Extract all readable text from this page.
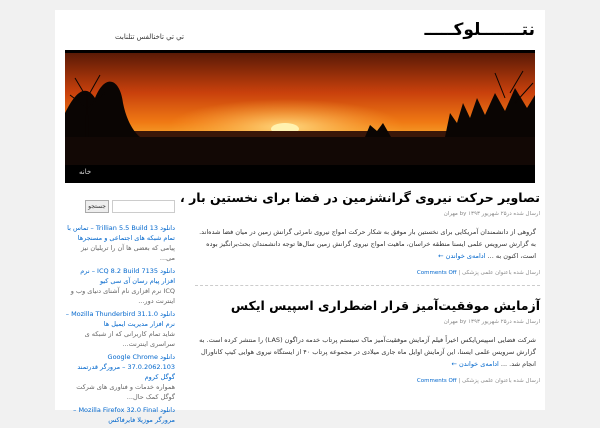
نتـــــــلوکـــــ
تي تي تاخنالفس تتلنابت
خانه
جستجو
دانلود Trillian 5.5 Build 13 – تماس با تمام شبکه های اجتماعی و مسنجرها
پیامی که بعضی ها آن را تریلیان نیز می...
دانلود ICQ 8.2 Build 7135 – نرم افزار پیام رسان آی سی کیو
ICQ نرم افزاری نام آشنای دنیای وب و اینترنت دور...
دانلود Mozilla Thunderbird 31.1.0 – نرم افزار مدیریت ایمیل ها
شاید تمام کاربرانی که از شبکه ی سراسری اینترنت...
دانلود Google Chrome 37.0.2062.103 – مرورگر قدرتمند گوگل کروم
همواره خدمات و فناوری های شرکت گوگل کمک حال...
دانلود Mozilla Firefox 32.0 Final – مرورگر موزیلا فایرفاکس
تصاویر حرکت نیروی گرانشزمین در فضا برای نخستین بار ،
ارسال شده در۲۵ شهریور ۱۳۹۳ by مهران
گروهی از دانشمندان آمریکایی برای نخستین بار موفق به شکار حرکت امواج نیروی نامرئی گرانش زمین در میان فضا شده‌اند. به گزارش سرویس علمی ایسنا منطقه خراسان، ماهیت امواج نیروی گرانش زمین سال‌ها توجه دانشمندان بحث‌برانگیز بوده است، اکنون به ... ادامه‌ی خواندن ←
ارسال شده باعنوان علمی پزشکی | Comments Off
آزمایش موفقیت‌آمیز قرار اضطراری اسپیس ایکس
ارسال شده در۲۵ شهریور ۱۳۹۳ by مهران
شرکت فضایی اسپیس‌ایکس اخیراً فیلم آزمایش موفقیت‌آمیز ماک سیستم پرتاب خدمه دراگون (LAS) را منتشر کرده است. به گزارش سرویس علمی ایسنا، این آزمایش اوایل ماه جاری میلادی در مجموعه پرتاب ۴۰ از ایستگاه نیروی هوایی کیپ کاناورال انجام شد. ... ادامه‌ی خواندن ←
ارسال شده باعنوان علمی پزشکی | Comments Off
